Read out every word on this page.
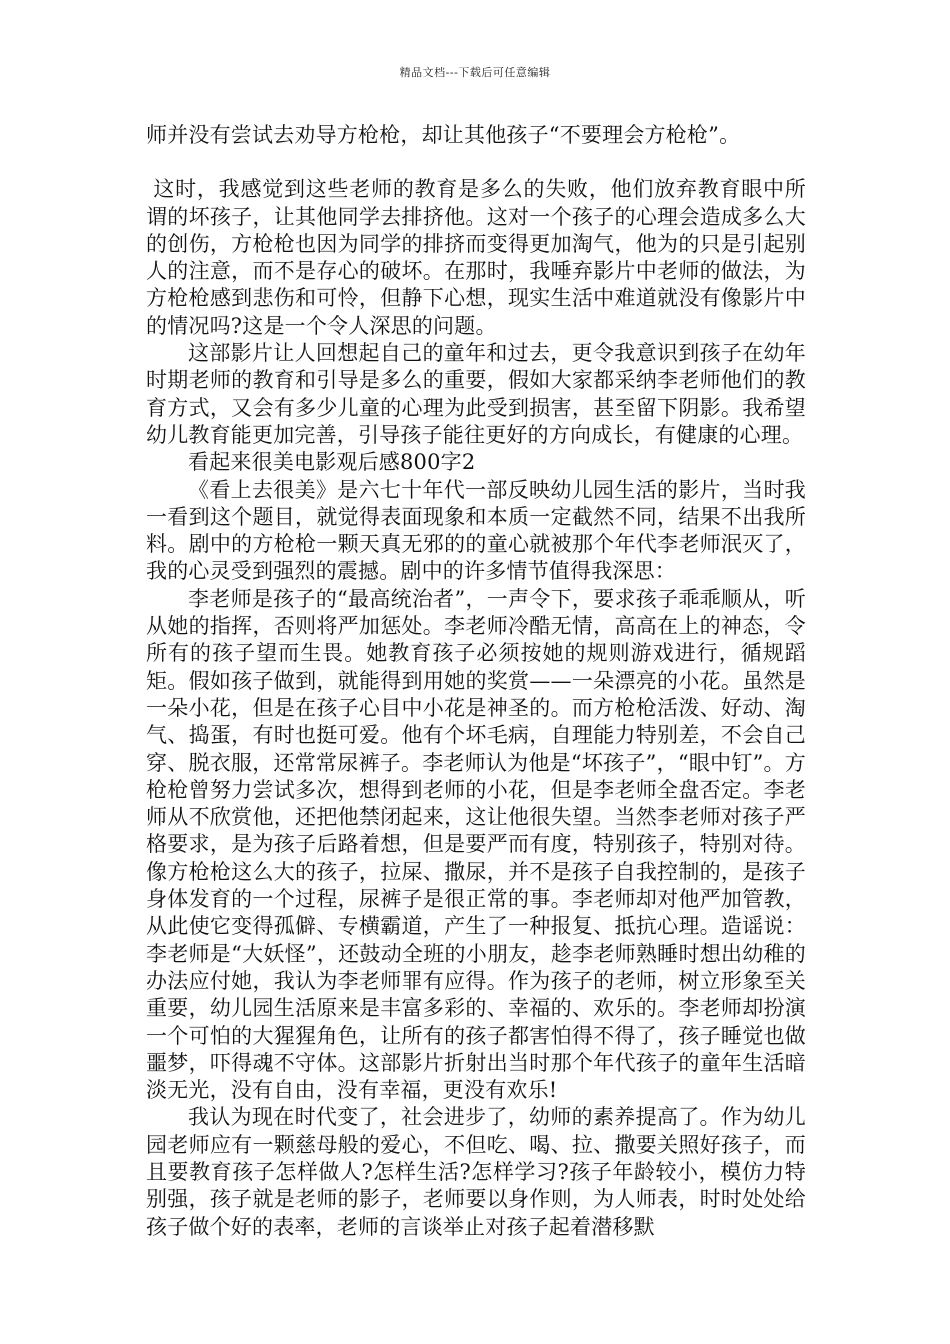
精品文档---下载后可任意编辑

师并没有尝试去劝导方枪枪，却让其他孩子“不要理会方枪枪”。

这时，我感觉到这些老师的教育是多么的失败，他们放弃教育眼中所谓的坏孩子，让其他同学去排挤他。这对一个孩子的心理会造成多么大的创伤，方枪枪也因为同学的排挤而变得更加淘气，他为的只是引起别人的注意，而不是存心的破坏。在那时，我唾弃影片中老师的做法，为方枪枪感到悲伤和可怜，但静下心想，现实生活中难道就没有像影片中的情况吗?这是一个令人深思的问题。

这部影片让人回想起自己的童年和过去，更令我意识到孩子在幼年时期老师的教育和引导是多么的重要，假如大家都采纳李老师他们的教育方式，又会有多少儿童的心理为此受到损害，甚至留下阴影。我希望幼儿教育能更加完善，引导孩子能往更好的方向成长，有健康的心理。

看起来很美电影观后感800字2

《看上去很美》是六七十年代一部反映幼儿园生活的影片，当时我一看到这个题目，就觉得表面现象和本质一定截然不同，结果不出我所料。剧中的方枪枪一颗天真无邪的的童心就被那个年代李老师泯灭了，我的心灵受到强烈的震撼。剧中的许多情节值得我深思：

李老师是孩子的“最高统治者”，一声令下，要求孩子乖乖顺从，听从她的指挥，否则将严加惩处。李老师冷酷无情，高高在上的神态，令所有的孩子望而生畏。她教育孩子必须按她的规则游戏进行，循规蹈矩。假如孩子做到，就能得到用她的奖赏——一朵漂亮的小花。虽然是一朵小花，但是在孩子心目中小花是神圣的。而方枪枪活泼、好动、淘气、捣蛋，有时也挺可爱。他有个坏毛病，自理能力特别差，不会自己穿、脱衣服，还常常尿裤子。李老师认为他是“坏孩子”，“眼中钉”。方枪枪曾努力尝试多次，想得到老师的小花，但是李老师全盘否定。李老师从不欣赏他，还把他禁闭起来，这让他很失望。当然李老师对孩子严格要求，是为孩子后路着想，但是要严而有度，特别孩子，特别对待。像方枪枪这么大的孩子，拉屎、撒尿，并不是孩子自我控制的，是孩子身体发育的一个过程，尿裤子是很正常的事。李老师却对他严加管教，从此使它变得孤僻、专横霸道，产生了一种报复、抵抗心理。造谣说：李老师是“大妖怪”，还鼓动全班的小朋友，趁李老师熟睡时想出幼稚的办法应付她，我认为李老师罪有应得。作为孩子的老师，树立形象至关重要，幼儿园生活原来是丰富多彩的、幸福的、欢乐的。李老师却扮演一个可怕的大猩猩角色，让所有的孩子都害怕得不得了，孩子睡觉也做噩梦，吓得魂不守体。这部影片折射出当时那个年代孩子的童年生活暗淡无光，没有自由，没有幸福，更没有欢乐!

我认为现在时代变了，社会进步了，幼师的素养提高了。作为幼儿园老师应有一颗慈母般的爱心，不但吃、喝、拉、撒要关照好孩子，而且要教育孩子怎样做人?怎样生活?怎样学习?孩子年龄较小，模仿力特别强，孩子就是老师的影子，老师要以身作则，为人师表，时时处处给孩子做个好的表率，老师的言谈举止对孩子起着潜移默
